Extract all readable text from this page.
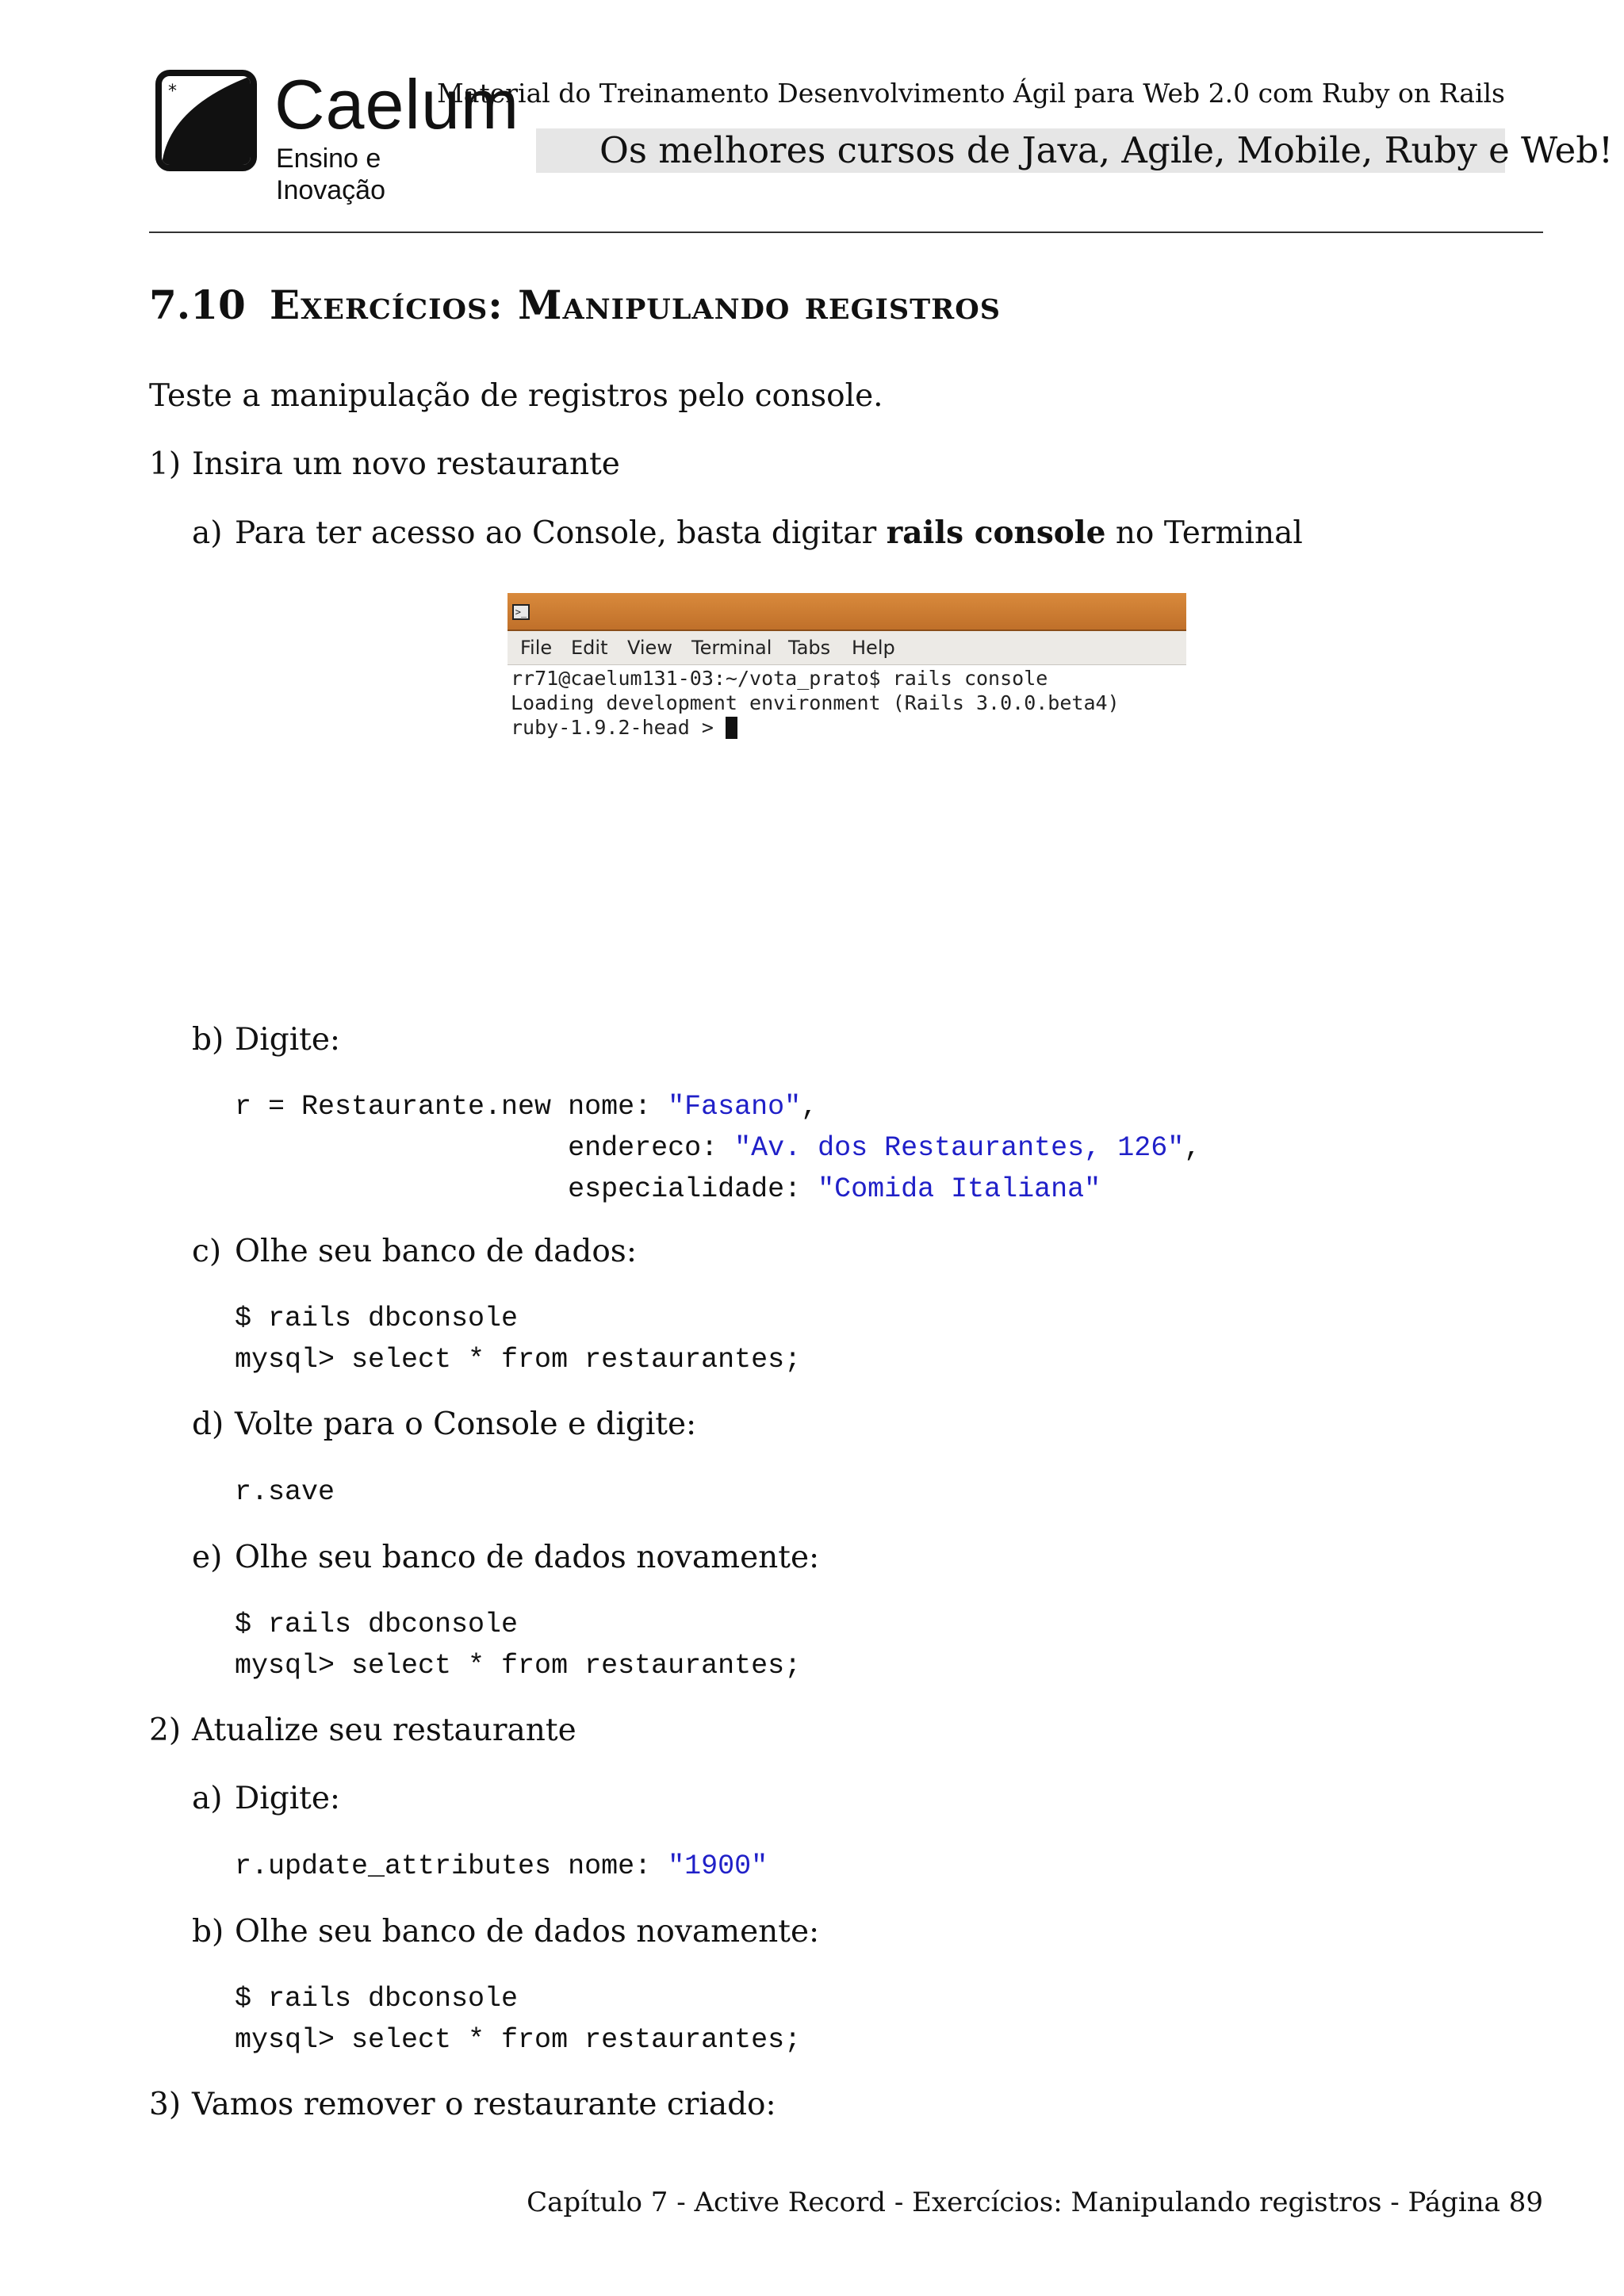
* Caelum
Ensino e Inovação
Material do Treinamento Desenvolvimento Ágil para Web 2.0 com Ruby on Rails
Os melhores cursos de Java, Agile, Mobile, Ruby e Web!
7.10 Exercícios: Manipulando registros
Teste a manipulação de registros pelo console.
1) Insira um novo restaurante
a) Para ter acesso ao Console, basta digitar rails console no Terminal
>_
File Edit View Terminal Tabs Help
rr71@caelum131-03:~/vota_prato$ rails console
Loading development environment (Rails 3.0.0.beta4)
ruby-1.9.2-head >
b) Digite:
r = Restaurante.new nome: "Fasano",
endereco: "Av. dos Restaurantes, 126",
especialidade: "Comida Italiana"
c) Olhe seu banco de dados:
$ rails dbconsole
mysql> select * from restaurantes;
d) Volte para o Console e digite:
r.save
e) Olhe seu banco de dados novamente:
$ rails dbconsole
mysql> select * from restaurantes;
2) Atualize seu restaurante
a) Digite:
r.update_attributes nome: "1900"
b) Olhe seu banco de dados novamente:
$ rails dbconsole
mysql> select * from restaurantes;
3) Vamos remover o restaurante criado:
Capítulo 7 - Active Record - Exercícios: Manipulando registros - Página 89
